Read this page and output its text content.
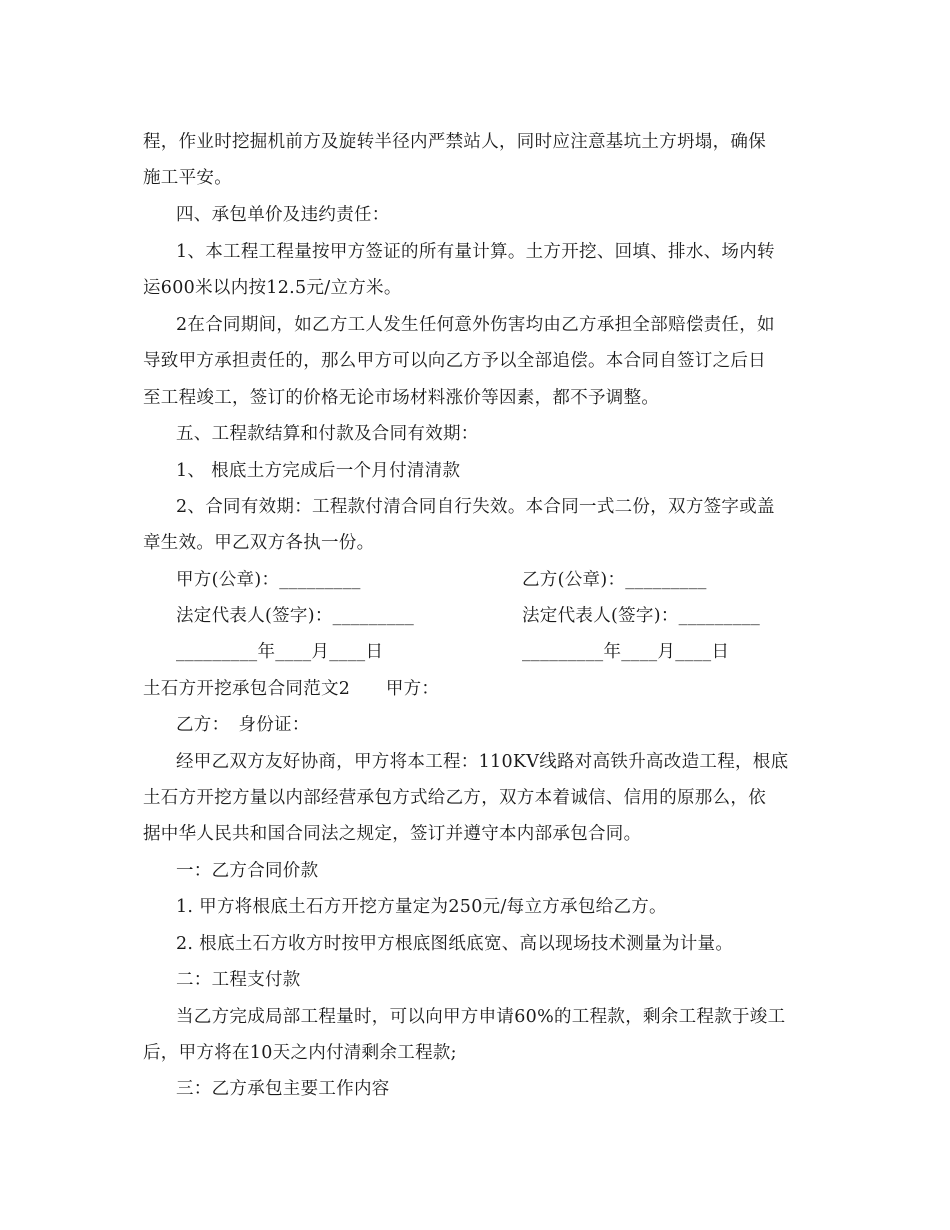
程，作业时挖掘机前方及旋转半径内严禁站人，同时应注意基坑土方坍塌，确保
施工平安。
四、承包单价及违约责任：
1、本工程工程量按甲方签证的所有量计算。土方开挖、回填、排水、场内转
运600米以内按12.5元/立方米。
2在合同期间，如乙方工人发生任何意外伤害均由乙方承担全部赔偿责任，如
导致甲方承担责任的，那么甲方可以向乙方予以全部追偿。本合同自签订之后日
至工程竣工，签订的价格无论市场材料涨价等因素，都不予调整。
五、工程款结算和付款及合同有效期：
1、 根底土方完成后一个月付清清款
2、合同有效期：工程款付清合同自行失效。本合同一式二份，双方签字或盖
章生效。甲乙双方各执一份。
甲方(公章)：_________	乙方(公章)：_________
法定代表人(签字)：_________	法定代表人(签字)：_________
_________年____月____日	_________年____月____日
土石方开挖承包合同范文2　　甲方：
乙方：　身份证：
经甲乙双方友好协商，甲方将本工程：110KV线路对高铁升高改造工程，根底
土石方开挖方量以内部经营承包方式给乙方，双方本着诚信、信用的原那么，依
据中华人民共和国合同法之规定，签订并遵守本内部承包合同。
一：乙方合同价款
1. 甲方将根底土石方开挖方量定为250元/每立方承包给乙方。
2. 根底土石方收方时按甲方根底图纸底宽、高以现场技术测量为计量。
二：工程支付款
当乙方完成局部工程量时，可以向甲方申请60%的工程款，剩余工程款于竣工
后，甲方将在10天之内付清剩余工程款;
三：乙方承包主要工作内容
